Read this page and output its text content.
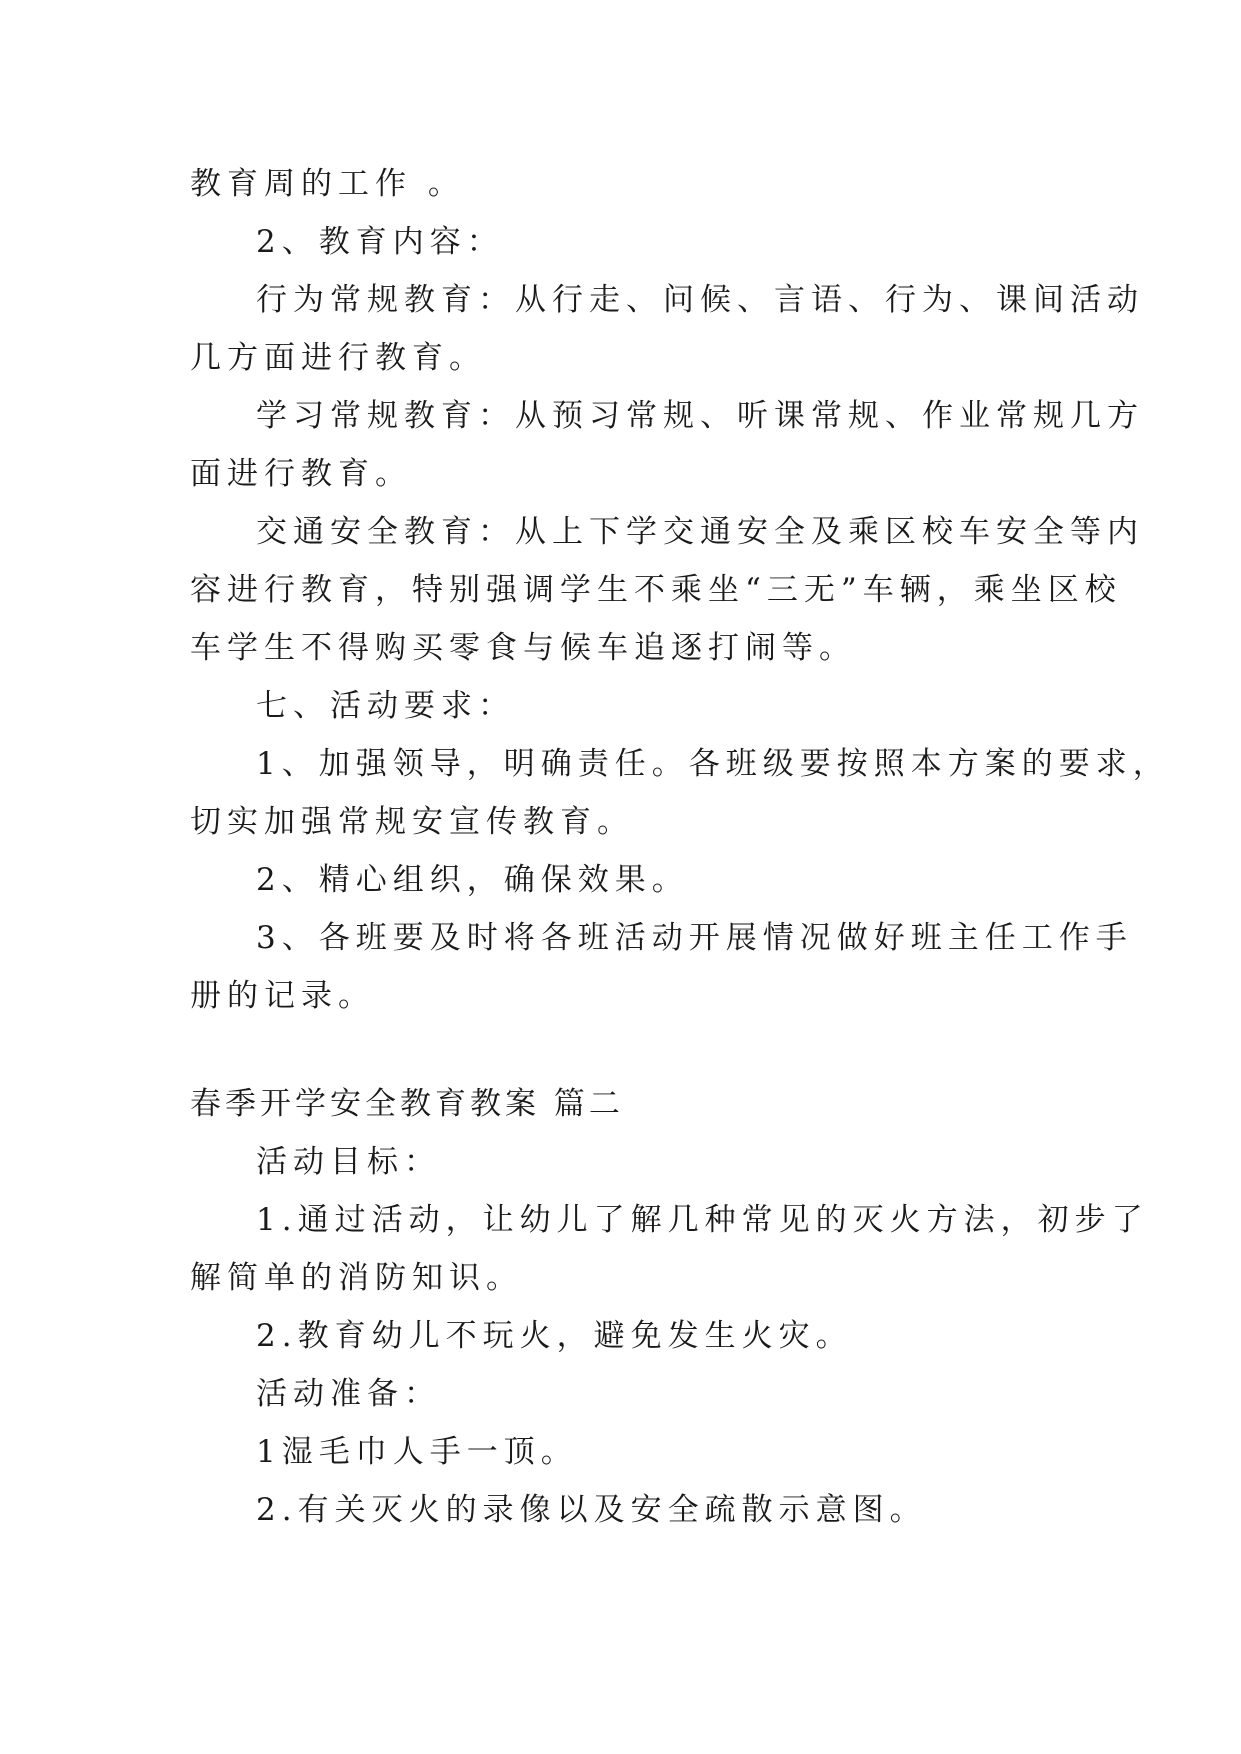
教育周的工作 。
2、教育内容：
行为常规教育：从行走、问候、言语、行为、课间活动
几方面进行教育。
学习常规教育：从预习常规、听课常规、作业常规几方
面进行教育。
交通安全教育：从上下学交通安全及乘区校车安全等内
容进行教育，特别强调学生不乘坐“三无”车辆，乘坐区校
车学生不得购买零食与候车追逐打闹等。
七、活动要求：
1、加强领导，明确责任。各班级要按照本方案的要求，
切实加强常规安宣传教育。
2、精心组织，确保效果。
3、各班要及时将各班活动开展情况做好班主任工作手
册的记录。
春季开学安全教育教案 篇二
活动目标：
1.通过活动，让幼儿了解几种常见的灭火方法，初步了
解简单的消防知识。
2.教育幼儿不玩火，避免发生火灾。
活动准备：
1湿毛巾人手一顶。
2.有关灭火的录像以及安全疏散示意图。
